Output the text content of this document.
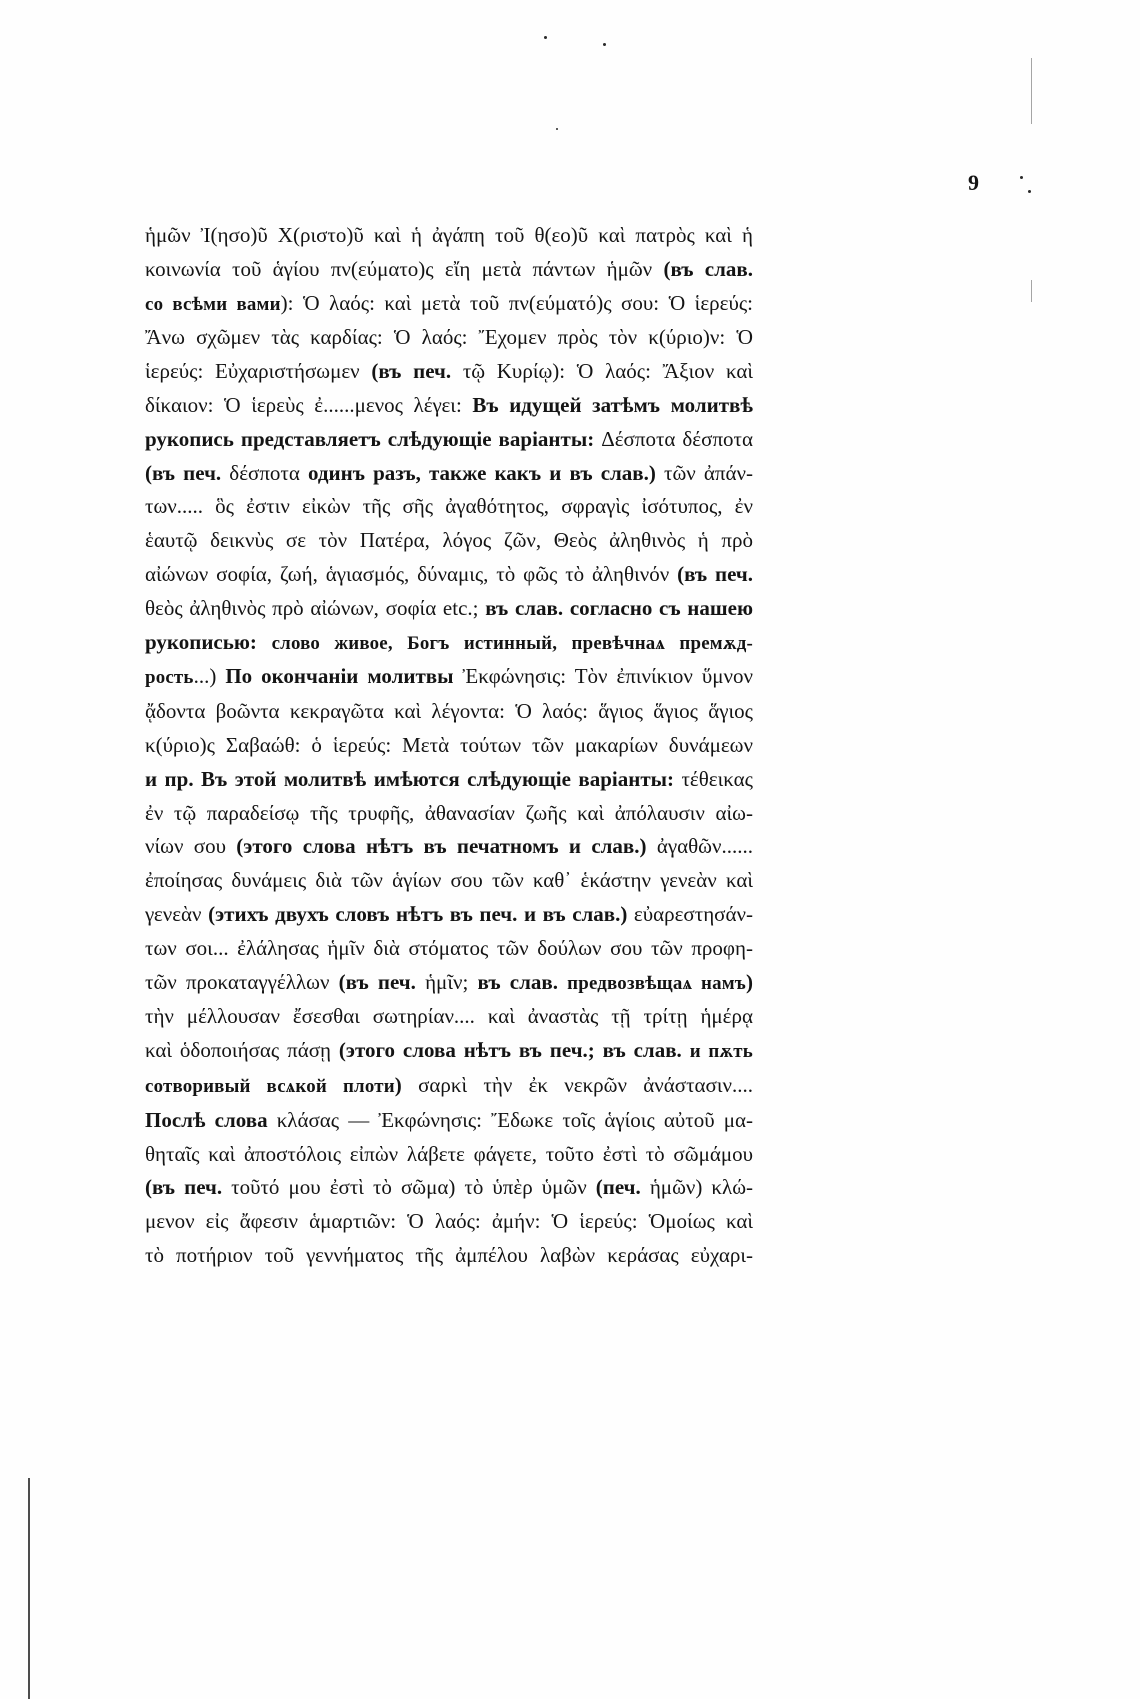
9
ἡμῶν Ἰ(ησο)ῦ Χ(ριστο)ῦ καὶ ἡ ἀγάπη τοῦ θ(εο)ῦ καὶ πατρὸς καὶ ἡ
κοινωνία τοῦ ἁγίου πν(εύματο)ς εἴη μετὰ πάντων ἡμῶν (въ слав.
со всѣми вами): Ὁ λαός: καὶ μετὰ τοῦ πν(εύματό)ς σου: Ὁ ἱερεύς:
Ἄνω σχῶμεν τὰς καρδίας: Ὁ λαός: Ἔχομεν πρὸς τὸν κ(ύριο)ν: Ὁ
ἱερεύς: Εὐχαριστήσωμεν (въ печ. τῷ Κυρίῳ): Ὁ λαός: Ἄξιον καὶ
δίκαιον: Ὁ ἱερεὺς ἐ......μενος λέγει: Въ идущей затѣмъ молитвѣ
рукопись представляетъ слѣдующіе варіанты: Δέσποτα δέσποτα
(въ печ. δέσποτα одинъ разъ, также какъ и въ слав.) τῶν ἀπάν-
των..... ὃς ἐστιν εἰκὼν τῆς σῆς ἀγαθότητος, σφραγὶς ἰσότυπος, ἐν
ἑαυτῷ δεικνὺς σε τὸν Πατέρα, λόγος ζῶν, Θεὸς ἀληθινὸς ἡ πρὸ
αἰώνων σοφία, ζωή, ἁγιασμός, δύναμις, τὸ φῶς τὸ ἀληθινόν (въ печ.
θεὸς ἀληθινὸς πρὸ αἰώνων, σοφία etc.; въ слав. согласно съ нашею
рукописью: слово живое, Богъ истинный, превѣчнаѧ премѫд-
рость...) По окончаніи молитвы Ἐκφώνησις: Τὸν ἐπινίκιον ὕμνον
ᾄδοντα βοῶντα κεκραγῶτα καὶ λέγοντα: Ὁ λαός: ἅγιος ἅγιος ἅγιος
κ(ύριο)ς Σαβαώθ: ὁ ἱερεύς: Μετὰ τούτων τῶν μακαρίων δυνάμεων
и пр. Въ этой молитвѣ имѣются слѣдующіе варіанты: τέθεικας
ἐν τῷ παραδείσῳ τῆς τρυφῆς, ἀθανασίαν ζωῆς καὶ ἀπόλαυσιν αἰω-
νίων σου (этого слова нѣтъ въ печатномъ и слав.) ἀγαθῶν......
ἐποίησας δυνάμεις διὰ τῶν ἁγίων σου τῶν καθ᾽ ἑκάστην γενεὰν καὶ
γενεὰν (этихъ двухъ словъ нѣтъ въ печ. и въ слав.) εὐαρεστησάν-
των σοι... ἐλάλησας ἡμῖν διὰ στόματος τῶν δούλων σου τῶν προφη-
τῶν προκαταγγέλλων (въ печ. ἡμῖν; въ слав. предвозвѣщаѧ намъ)
τὴν μέλλουσαν ἔσεσθαι σωτηρίαν.... καὶ ἀναστὰς τῇ τρίτῃ ἡμέρᾳ
καὶ ὁδοποιήσας πάσῃ (этого слова нѣтъ въ печ.; въ слав. и пѫть
сотворивый всѧкой плоти) σαρκὶ τὴν ἐκ νεκρῶν ἀνάστασιν....
Послѣ слова κλάσας — Ἐκφώνησις: Ἔδωκε τοῖς ἁγίοις αὐτοῦ μα-
θηταῖς καὶ ἀποστόλοις εἰπὼν λάβετε φάγετε, τοῦτο ἐστὶ τὸ σῶμάμου
(въ печ. τοῦτό μου ἐστὶ τὸ σῶμα) τὸ ὑπὲρ ὑμῶν (печ. ἡμῶν) κλώ-
μενον εἰς ἄφεσιν ἁμαρτιῶν: Ὁ λαός: ἀμήν: Ὁ ἱερεύς: Ὁμοίως καὶ
τὸ ποτήριον τοῦ γεννήματος τῆς ἀμπέλου λαβὼν κεράσας εὐχαρι-
